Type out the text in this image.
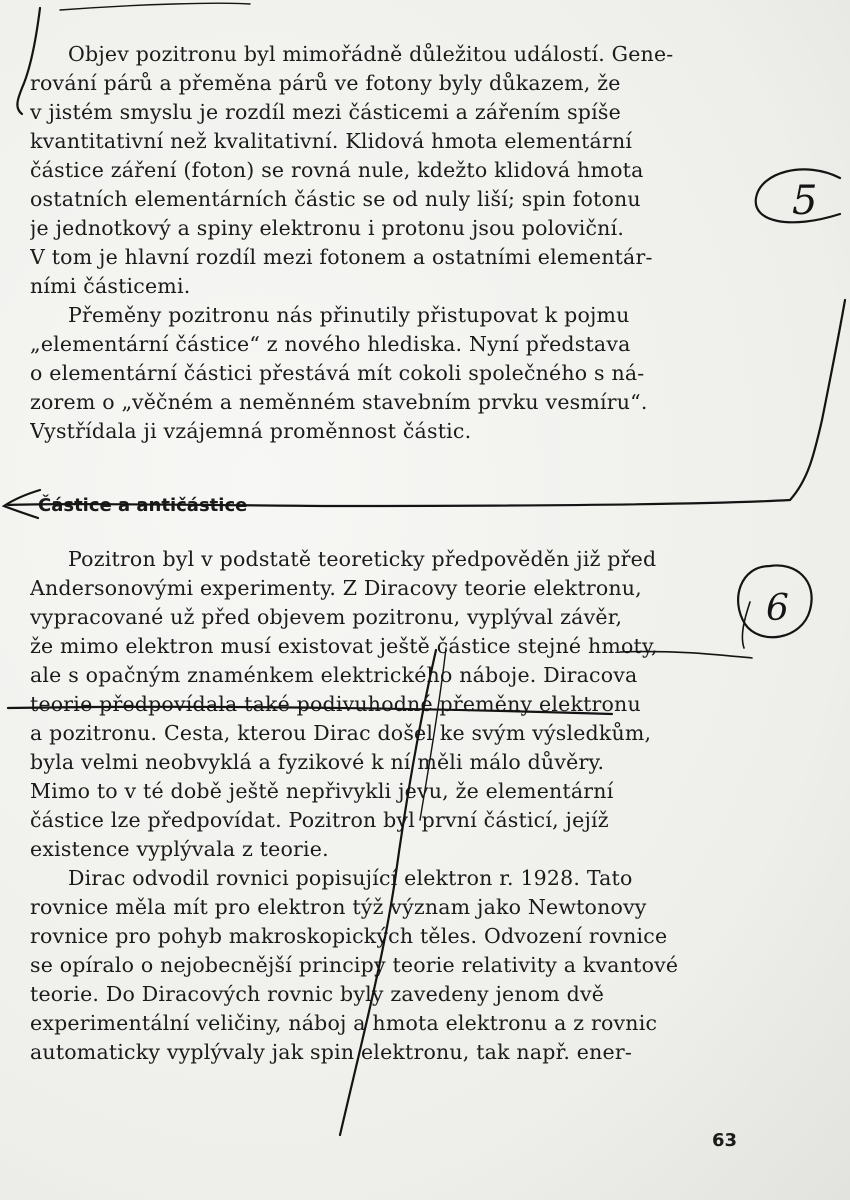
Objev pozitronu byl mimořádně důležitou událostí. Gene-
rování párů a přeměna párů ve fotony byly důkazem, že
v jistém smyslu je rozdíl mezi částicemi a zářením spíše
kvantitativní než kvalitativní. Klidová hmota elementární
částice záření (foton) se rovná nule, kdežto klidová hmota
ostatních elementárních částic se od nuly liší; spin fotonu
je jednotkový a spiny elektronu i protonu jsou poloviční.
V tom je hlavní rozdíl mezi fotonem a ostatními elementár-
ními částicemi.
Přeměny pozitronu nás přinutily přistupovat k pojmu
„elementární částice“ z nového hlediska. Nyní představa
o elementární částici přestává mít cokoli společného s ná-
zorem o „věčném a neměnném stavebním prvku vesmíru“.
Vystřídala ji vzájemná proměnnost částic.
Částice a antičástice
Pozitron byl v podstatě teoreticky předpověděn již před
Andersonovými experimenty. Z Diracovy teorie elektronu,
vypracované už před objevem pozitronu, vyplýval závěr,
že mimo elektron musí existovat ještě částice stejné hmoty,
ale s opačným znaménkem elektrického náboje. Diracova
teorie předpovídala také podivuhodné přeměny elektronu
a pozitronu. Cesta, kterou Dirac došel ke svým výsledkům,
byla velmi neobvyklá a fyzikové k ní měli málo důvěry.
Mimo to v té době ještě nepřivykli jevu, že elementární
částice lze předpovídat. Pozitron byl první částicí, jejíž
existence vyplývala z teorie.
Dirac odvodil rovnici popisující elektron r. 1928. Tato
rovnice měla mít pro elektron týž význam jako Newtonovy
rovnice pro pohyb makroskopických těles. Odvození rovnice
se opíralo o nejobecnější principy teorie relativity a kvantové
teorie. Do Diracových rovnic byly zavedeny jenom dvě
experimentální veličiny, náboj a hmota elektronu a z rovnic
automaticky vyplývaly jak spin elektronu, tak např. ener-
63
5
6
